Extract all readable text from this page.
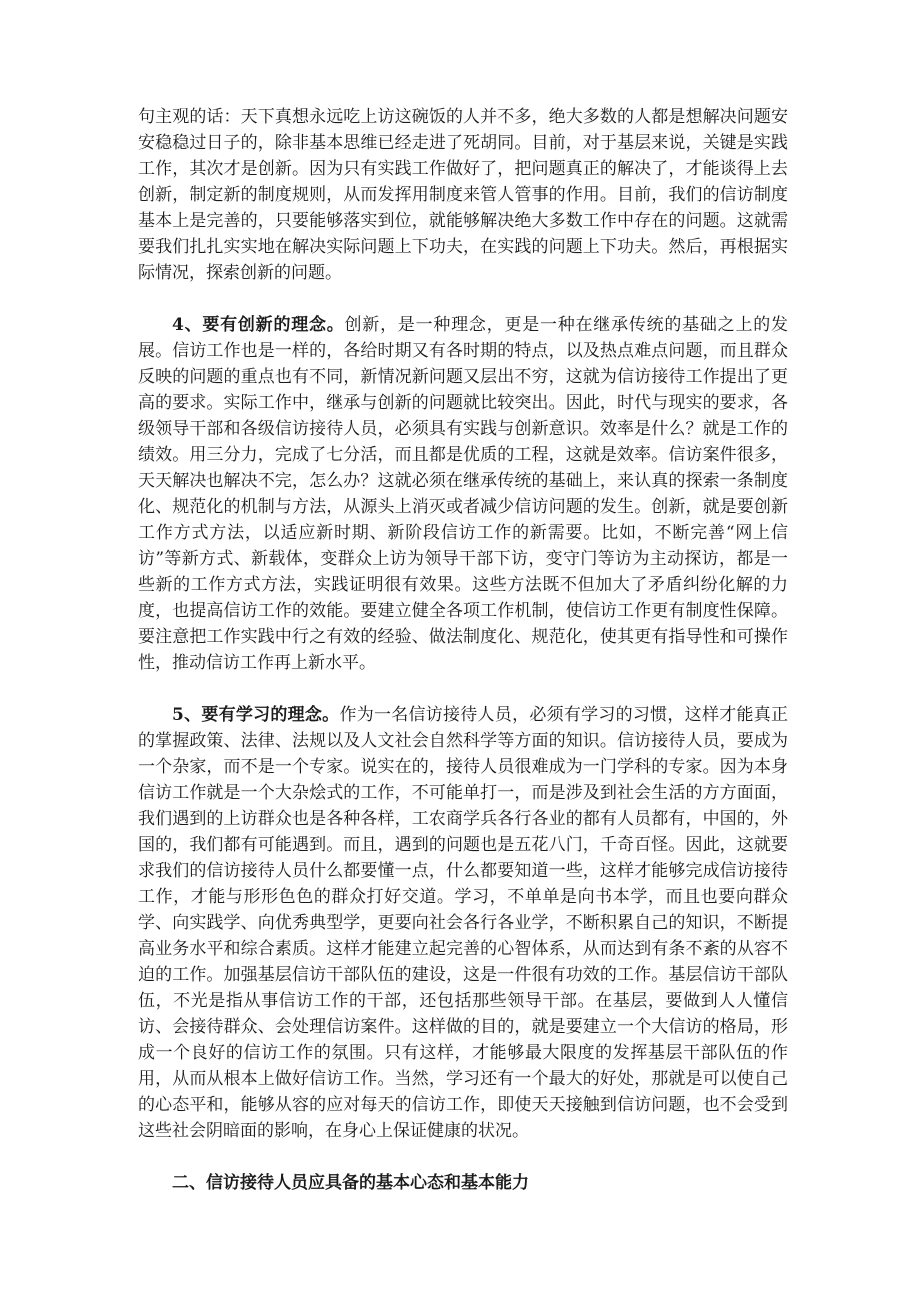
句主观的话：天下真想永远吃上访这碗饭的人并不多，绝大多数的人都是想解决问题安安稳稳过日子的，除非基本思维已经走进了死胡同。目前，对于基层来说，关键是实践工作，其次才是创新。因为只有实践工作做好了，把问题真正的解决了，才能谈得上去创新，制定新的制度规则，从而发挥用制度来管人管事的作用。目前，我们的信访制度基本上是完善的，只要能够落实到位，就能够解决绝大多数工作中存在的问题。这就需要我们扎扎实实地在解决实际问题上下功夫，在实践的问题上下功夫。然后，再根据实际情况，探索创新的问题。

4、要有创新的理念。创新，是一种理念，更是一种在继承传统的基础之上的发展。信访工作也是一样的，各给时期又有各时期的特点，以及热点难点问题，而且群众反映的问题的重点也有不同，新情况新问题又层出不穷，这就为信访接待工作提出了更高的要求。实际工作中，继承与创新的问题就比较突出。因此，时代与现实的要求，各级领导干部和各级信访接待人员，必须具有实践与创新意识。效率是什么？就是工作的绩效。用三分力，完成了七分活，而且都是优质的工程，这就是效率。信访案件很多，天天解决也解决不完，怎么办？这就必须在继承传统的基础上，来认真的探索一条制度化、规范化的机制与方法，从源头上消灭或者减少信访问题的发生。创新，就是要创新工作方式方法，以适应新时期、新阶段信访工作的新需要。比如，不断完善“网上信访”等新方式、新载体，变群众上访为领导干部下访，变守门等访为主动探访，都是一些新的工作方式方法，实践证明很有效果。这些方法既不但加大了矛盾纠纷化解的力度，也提高信访工作的效能。要建立健全各项工作机制，使信访工作更有制度性保障。要注意把工作实践中行之有效的经验、做法制度化、规范化，使其更有指导性和可操作性，推动信访工作再上新水平。

5、要有学习的理念。作为一名信访接待人员，必须有学习的习惯，这样才能真正的掌握政策、法律、法规以及人文社会自然科学等方面的知识。信访接待人员，要成为一个杂家，而不是一个专家。说实在的，接待人员很难成为一门学科的专家。因为本身信访工作就是一个大杂烩式的工作，不可能单打一，而是涉及到社会生活的方方面面，我们遇到的上访群众也是各种各样，工农商学兵各行各业的都有人员都有，中国的，外国的，我们都有可能遇到。而且，遇到的问题也是五花八门，千奇百怪。因此，这就要求我们的信访接待人员什么都要懂一点，什么都要知道一些，这样才能够完成信访接待工作，才能与形形色色的群众打好交道。学习，不单单是向书本学，而且也要向群众学、向实践学、向优秀典型学，更要向社会各行各业学，不断积累自己的知识，不断提高业务水平和综合素质。这样才能建立起完善的心智体系，从而达到有条不紊的从容不迫的工作。加强基层信访干部队伍的建设，这是一件很有功效的工作。基层信访干部队伍，不光是指从事信访工作的干部，还包括那些领导干部。在基层，要做到人人懂信访、会接待群众、会处理信访案件。这样做的目的，就是要建立一个大信访的格局，形成一个良好的信访工作的氛围。只有这样，才能够最大限度的发挥基层干部队伍的作用，从而从根本上做好信访工作。当然，学习还有一个最大的好处，那就是可以使自己的心态平和，能够从容的应对每天的信访工作，即使天天接触到信访问题，也不会受到这些社会阴暗面的影响，在身心上保证健康的状况。

二、信访接待人员应具备的基本心态和基本能力
